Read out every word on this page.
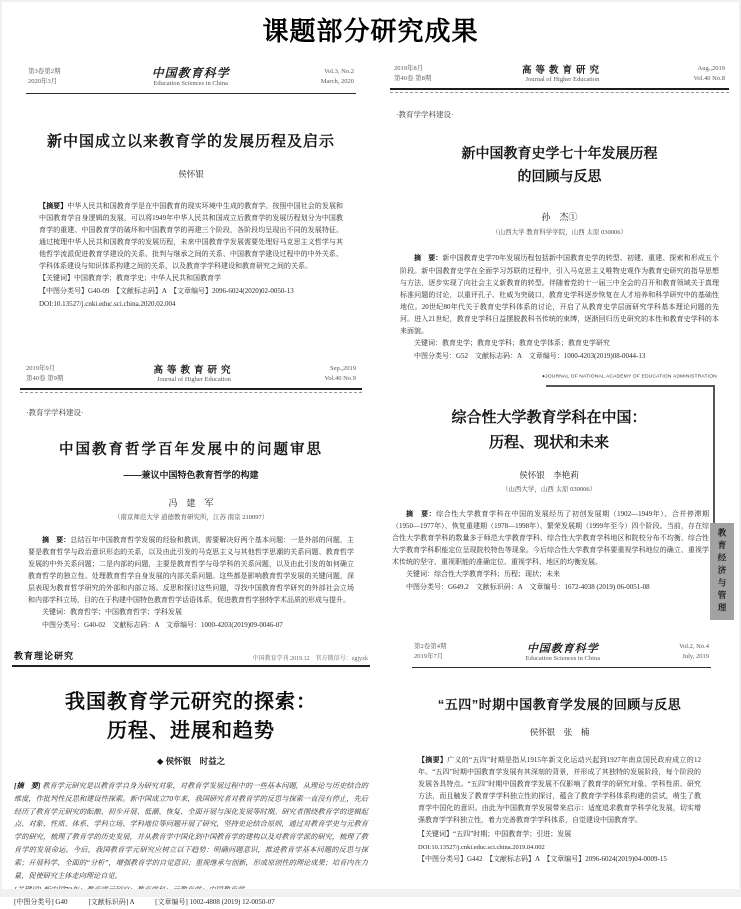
课题部分研究成果
第3卷第2期
2020年3月
中国教育科学
Education Sciences in China
Vol.3, No.2
March, 2020
新中国成立以来教育学的发展历程及启示
侯怀银
【摘要】中华人民共和国教育学是在中国教育的现实环境中生成的教育学。按照中国社会的发展和中国教育学自身逻辑的发展，可以将1949年中华人民共和国成立后教育学的发展历程划分为中国教育学的重建、中国教育学的破坏和中国教育学的再建三个阶段，各阶段均呈现出不同的发展特征。通过梳理中华人民共和国教育学的发展历程，未来中国教育学发展需要处理好马克思主义哲学与其他哲学流派促进教育学建设的关系、批判与继承之间的关系、中国教育学建设过程中的中外关系、学科体系建设与知识体系构建之间的关系，以及教育学学科建设和教育研究之间的关系。
【关键词】中国教育学；教育学史；中华人民共和国教育学
【中图分类号】G40-09　【文献标志码】A　【文章编号】2096-6024(2020)02-0050-13
DOI:10.13527/j.cnki.educ.sci.china.2020.02.004
2019年8月
第40卷 第8期
高等教育研究
Journal of Higher Education
Aug.,2019
Vol.40 No.8
·教育学学科建设·
新中国教育史学七十年发展历程
的回顾与反思
孙　杰①
（山西大学 教育科学学院，山西 太原 030006）
摘　要：新中国教育史学70年发展历程包括新中国教育史学的转型、初建、重建、探索和形成五个阶段。新中国教育史学在全面学习苏联的过程中，引入马克思主义唯物史观作为教育史研究的指导思想与方法，逐步实现了向社会主义新教育的转型。伴随着党的十一届三中全会的召开和教育领域关于真理标准问题的讨论，以重评孔子、杜威为突破口，教育史学科逐步恢复在人才培养和科学研究中的基础性地位。20世纪80年代关于教育史学科体系的讨论，开启了从教育史学层面研究学科基本理论问题的先河。进入21世纪，教育史学科日益摆脱教科书传统的束缚，逐渐回归历史研究的本性和教育史学科的本来面貌。
关键词：教育史学；教育史学科；教育史学体系；教育史学研究
中图分类号：G52　文献标志码：A　文章编号：1000-4203(2019)08-0044-13
2019年9月
第40卷 第9期
高等教育研究
Journal of Higher Education
Sep.,2019
Vol.40 No.9
·教育学学科建设·
中国教育哲学百年发展中的问题审思
——兼议中国特色教育哲学的构建
冯　建　军
（南京师范大学 道德教育研究所，江苏 南京 210097）
摘　要：总结百年中国教育哲学发展的经验和教训，需要解决好两个基本问题：一是外部的问题，主要是教育哲学与政治意识形态的关系，以及由此引发的马克思主义与其他哲学思潮的关系问题、教育哲学发展的中外关系问题；二是内部的问题，主要是教育哲学与母学科的关系问题，以及由此引发的如何确立教育哲学的独立性、处理教育哲学自身发展的内部关系问题。这些都是影响教育哲学发展的关键问题，深层表现为教育哲学研究的外部和内部立场。反思和探讨这些问题，寻找中国教育哲学研究的外部社会立场和内部学科立场，目的在于构建中国特色教育哲学话语体系，促进教育哲学独特学术品质的形成与提升。
关键词：教育哲学；中国教育哲学；学科发展
中图分类号：G40-02　文献标志码：A　文章编号：1000-4203(2019)09-0046-07
●JOURNAL OF NATIONAL ACADEMY OF EDUCATION ADMINISTRATION
综合性大学教育学科在中国：
历程、现状和未来
侯怀银　李艳莉
（山西大学，山西 太原 030006）
摘　要：综合性大学教育学科在中国的发展经历了初创发展期（1902—1949年）、合并停滞期（1950—1977年）、恢复重建期（1978—1998年）、繁荣发展期（1999年至今）四个阶段。当前，存在综合性大学教育学科的数量多于师范大学教育学科、综合性大学教育学科地区和院校分布不均衡、综合性大学教育学科职能定位呈现院校特色等现象。今后综合性大学教育学科要重视学科地位的确立、重视学术传统的坚守、重视职能的准确定位、重视学科、地区的均衡发展。
关键词：综合性大学教育学科；历程；现状；未来
中图分类号：G649.2　文献标识码：A　文章编号：1672-4038 (2019) 06-0051-08	教育经济与管理
教育理论研究	中国教育学刊 2019.12　官方微信号：zgjyxk
我国教育学元研究的探索：
历程、进展和趋势
◆ 侯怀银　时益之
[摘　要] 教育学元研究是以教育学自身为研究对象，对教育学发展过程中的一些基本问题，从理论与历史结合的维度，作批判性反思和建设性探索。新中国成立70年来，我国研究者对教育学的反思与探索一直没有停止，先后经历了教育学元研究的酝酿、初步开展、低潮、恢复、全面开展与深化发展等时期。研究者围绕教育学的逻辑起点、对象、性质、体系、学科立场、学科地位等问题开展了研究，坚持史论结合原则，通过对教育学史与元教育学的研究，梳理了教育学的历史发展，并从教育学中国化到中国教育学的建构以及对教育学派的研究，梳理了教育学的发展命运。今后，我国教育学元研究应树立以下趋势：明确问题意识，推进教育学基本问题的反思与探索；开展科学、全面的“分析”，增强教育学的自觉意识；重视继承与创新，形成原创性的理论成果；培育内在力量，促使研究主体走向理论自觉。
[中图分类号] G40　　　[文献标识码] A　　　[文章编号] 1002-4808 (2019) 12-0050-07
第2卷第4期
2019年7月
中国教育科学
Education Sciences in China
Vol.2, No.4
July, 2019
“五四”时期中国教育学发展的回顾与反思
侯怀银　张　楠
【摘要】广义的“五四”时期是指从1915年新文化运动兴起到1927年南京国民政府成立的12年。“五四”时期中国教育学发展有其深刻的背景，并形成了其独特的发展阶段，每个阶段的发展各具特点。“五四”时期中国教育学发展不仅影响了教育学的研究对象、学科性质、研究方法，而且触发了教育学学科独立性的探讨，蕴含了教育学学科体系构建的尝试，萌生了教育学中国化的意识。由此为中国教育学发展带来启示：适度追求教育学科学化发展，切实增强教育学学科独立性，着力完善教育学学科体系，自觉建设中国教育学。
【关键词】“五四”时期；中国教育学；引进；发展
DOI:10.13527/j.cnki.educ.sci.china.2019.04.002
【中图分类号】G442　【文献标志码】A　【文章编号】2096-6024(2019)04-0009-15
